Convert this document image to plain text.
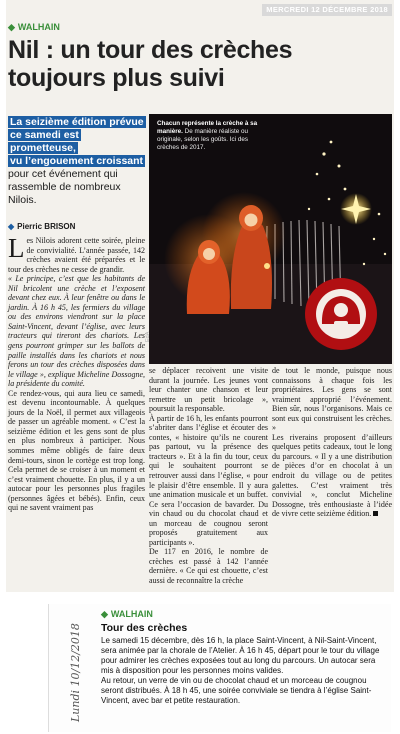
MERCREDI 12 DÉCEMBRE 2018
◆ WALHAIN
Nil : un tour des crèches
toujours plus suivi
La seizième édition prévue
ce samedi est prometteuse,
vu l’engouement croissant
pour cet événement qui rassemble de nombreux Nilois.
◆ Pierric BRISON
Chacun représente la crèche à sa manière. De manière réaliste ou originale, selon les goûts. Ici des crèches de 2017.
EdA

Les Nilois adorent cette soirée, pleine de convivialité. L’année passée, 142 crèches avaient été préparées et le tour des crèches ne cesse de grandir.

« Le principe, c’est que les habitants de Nil bricolent une crèche et l’exposent devant chez eux. À leur fenêtre ou dans le jardin. À 16 h 45, les fermiers du village ou des environs viendront sur la place Saint-Vincent, devant l’église, avec leurs tracteurs qui tireront des chariots. Les gens pourront grimper sur les ballots de paille installés dans les chariots et nous ferons un tour des crèches disposées dans le village », explique Micheline Dossogne, la présidente du comité.

Ce rendez-vous, qui aura lieu ce samedi, est devenu incontournable. À quelques jours de la Noël, il permet aux villageois de passer un agréable moment. « C’est la seizième édition et les gens sont de plus en plus nombreux à participer. Nous sommes même obligés de faire deux demi-tours, sinon le cortège est trop long. Cela permet de se croiser à un moment et c’est vraiment chouette. En plus, il y a un autocar pour les personnes plus fragiles (personnes âgées et bébés). Enfin, ceux qui ne savent vraiment pas

se déplacer recoivent une visite durant la journée. Les jeunes vont leur chanter une chanson et leur remettre un petit bricolage », poursuit la responsable.

À partir de 16 h, les enfants pourront s’abriter dans l’église et écouter des contes, « histoire qu’ils ne courent pas partout, vu la présence des tracteurs ». Et à la fin du tour, ceux qui le souhaitent pourront se retrouver aussi dans l’église, « pour le plaisir d’être ensemble. Il y aura une animation musicale et un buffet. Ce sera l’occasion de bavarder. Du vin chaud ou du chocolat chaud et un morceau de cougnou seront proposés gratuitement aux participants ».

De 117 en 2016, le nombre de crèches est passé à 142 l’année dernière. « Ce qui est chouette, c’est aussi de reconnaître la crèche

de tout le monde, puisque nous connaissons à chaque fois les propriétaires. Les gens se sont vraiment approprié l’événement. Bien sûr, nous l’organisons. Mais ce sont eux qui construisent les crèches. »

Les riverains proposent d’ailleurs quelques petits cadeaux, tout le long du parcours. « Il y a une distribution de pièces d’or en chocolat à un endroit du village ou de petites galettes. C’est vraiment très convivial », conclut Micheline Dossogne, très enthousiaste à l’idée de vivre cette seizième édition.

Lundi 10/12/2018
◆ WALHAIN
Tour des crèches

Le samedi 15 décembre, dès 16 h, la place Saint-Vincent, à Nil-Saint-Vincent, sera animée par la chorale de l’Atelier. À 16 h 45, départ pour le tour du village pour admirer les crèches exposées tout au long du parcours. Un autocar sera mis à disposition pour les personnes moins valides.

Au retour, un verre de vin ou de chocolat chaud et un morceau de cougnou seront distribués. À 18 h 45, une soirée conviviale se tiendra à l’église Saint-Vincent, avec bar et petite restauration.
